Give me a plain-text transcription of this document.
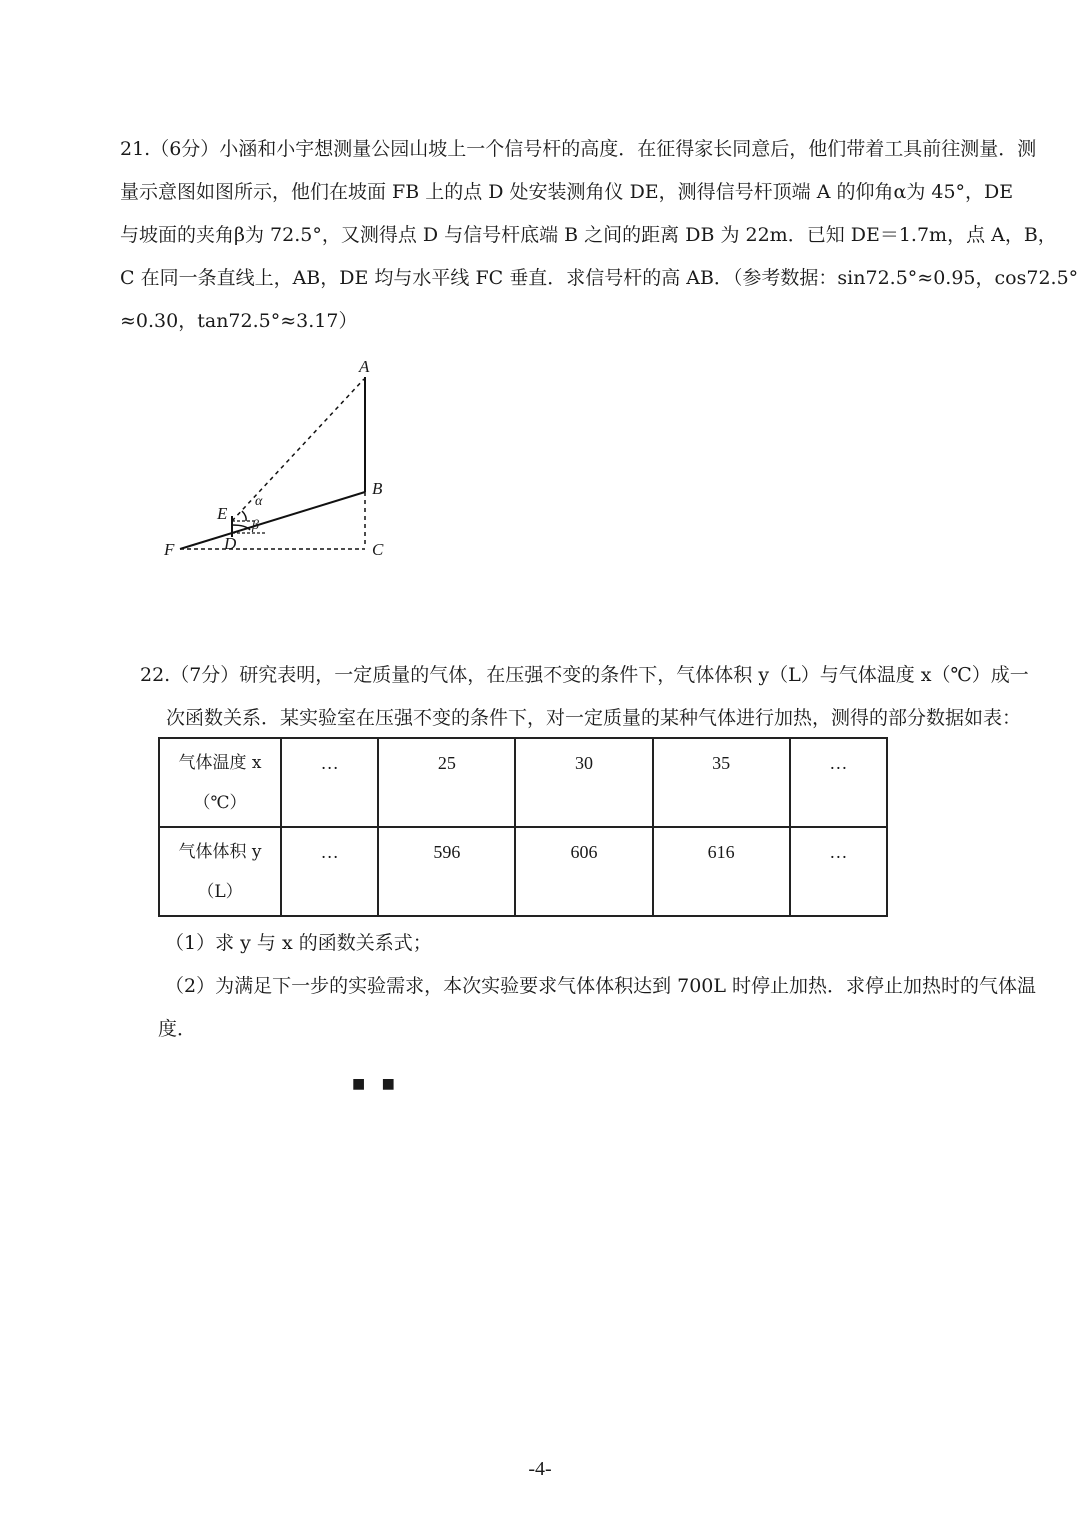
21.（6分）小涵和小宇想测量公园山坡上一个信号杆的高度．在征得家长同意后，他们带着工具前往测量．测
量示意图如图所示，他们在坡面 FB 上的点 D 处安装测角仪 DE，测得信号杆顶端 A 的仰角α为 45°，DE
与坡面的夹角β为 72.5°，又测得点 D 与信号杆底端 B 之间的距离 DB 为 22m．已知 DE＝1.7m，点 A，B，
C 在同一条直线上，AB，DE 均与水平线 FC 垂直．求信号杆的高 AB．（参考数据：sin72.5°≈0.95，cos72.5°
≈0.30，tan72.5°≈3.17）
A
B
C
D
E
F
α
β
22.（7分）研究表明，一定质量的气体，在压强不变的条件下，气体体积 y（L）与气体温度 x（℃）成一
次函数关系．某实验室在压强不变的条件下，对一定质量的某种气体进行加热，测得的部分数据如表：
气体温度 x
（℃）	…	25	30	35	…

气体体积 y
（L）	…	596	606	616	…
（1）求 y 与 x 的函数关系式；
（2）为满足下一步的实验需求，本次实验要求气体体积达到 700L 时停止加热．求停止加热时的气体温
度．
■ ■
-4-
